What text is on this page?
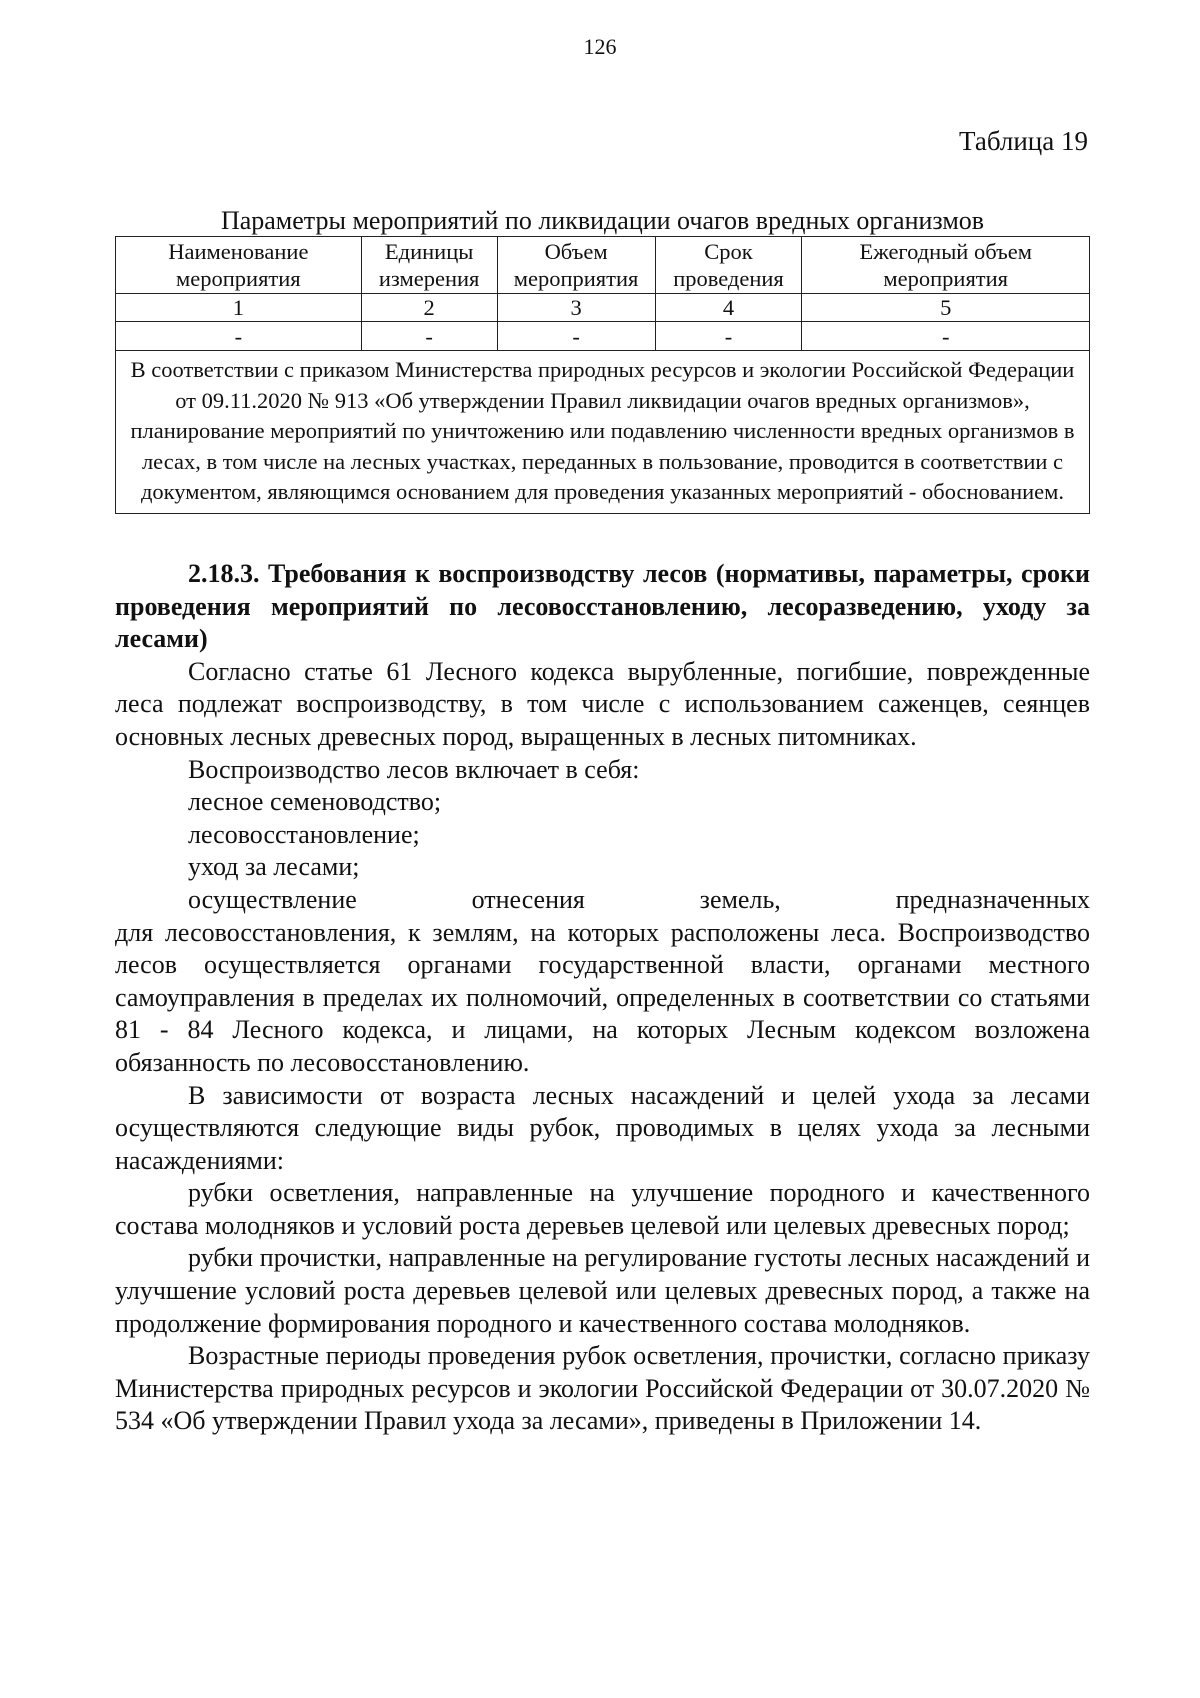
126
Таблица 19
Параметры мероприятий по ликвидации очагов вредных организмов
Наименование мероприятия	Единицы измерения	Объем мероприятия	Срок проведения	Ежегодный объем мероприятия
1	2	3	4	5
-	-	-	-	-
В соответствии с приказом Министерства природных ресурсов и экологии Российской Федерации от 09.11.2020 № 913 «Об утверждении Правил ликвидации очагов вредных организмов», планирование мероприятий по уничтожению или подавлению численности вредных организмов в лесах, в том числе на лесных участках, переданных в пользование, проводится в соответствии с документом, являющимся основанием для проведения указанных мероприятий - обоснованием.				

2.18.3. Требования к воспроизводству лесов (нормативы, параметры, сроки проведения мероприятий по лесовосстановлению, лесоразведению, уходу за лесами)

Согласно статье 61 Лесного кодекса вырубленные, погибшие, поврежденные леса подлежат воспроизводству, в том числе с использованием саженцев, сеянцев основных лесных древесных пород, выращенных в лесных питомниках.

Воспроизводство лесов включает в себя:

лесное семеноводство;

лесовосстановление;

уход за лесами;

осуществление отнесения земель, предназначенных

для лесовосстановления, к землям, на которых расположены леса. Воспроизводство лесов осуществляется органами государственной власти, органами местного самоуправления в пределах их полномочий, определенных в соответствии со статьями 81 - 84 Лесного кодекса, и лицами, на которых Лесным кодексом возложена обязанность по лесовосстановлению.

В зависимости от возраста лесных насаждений и целей ухода за лесами осуществляются следующие виды рубок, проводимых в целях ухода за лесными насаждениями:

рубки осветления, направленные на улучшение породного и качественного состава молодняков и условий роста деревьев целевой или целевых древесных пород;

рубки прочистки, направленные на регулирование густоты лесных насаждений и улучшение условий роста деревьев целевой или целевых древесных пород, а также на продолжение формирования породного и качественного состава молодняков.

Возрастные периоды проведения рубок осветления, прочистки, согласно приказу Министерства природных ресурсов и экологии Российской Федерации от 30.07.2020 № 534 «Об утверждении Правил ухода за лесами», приведены в Приложении 14.
